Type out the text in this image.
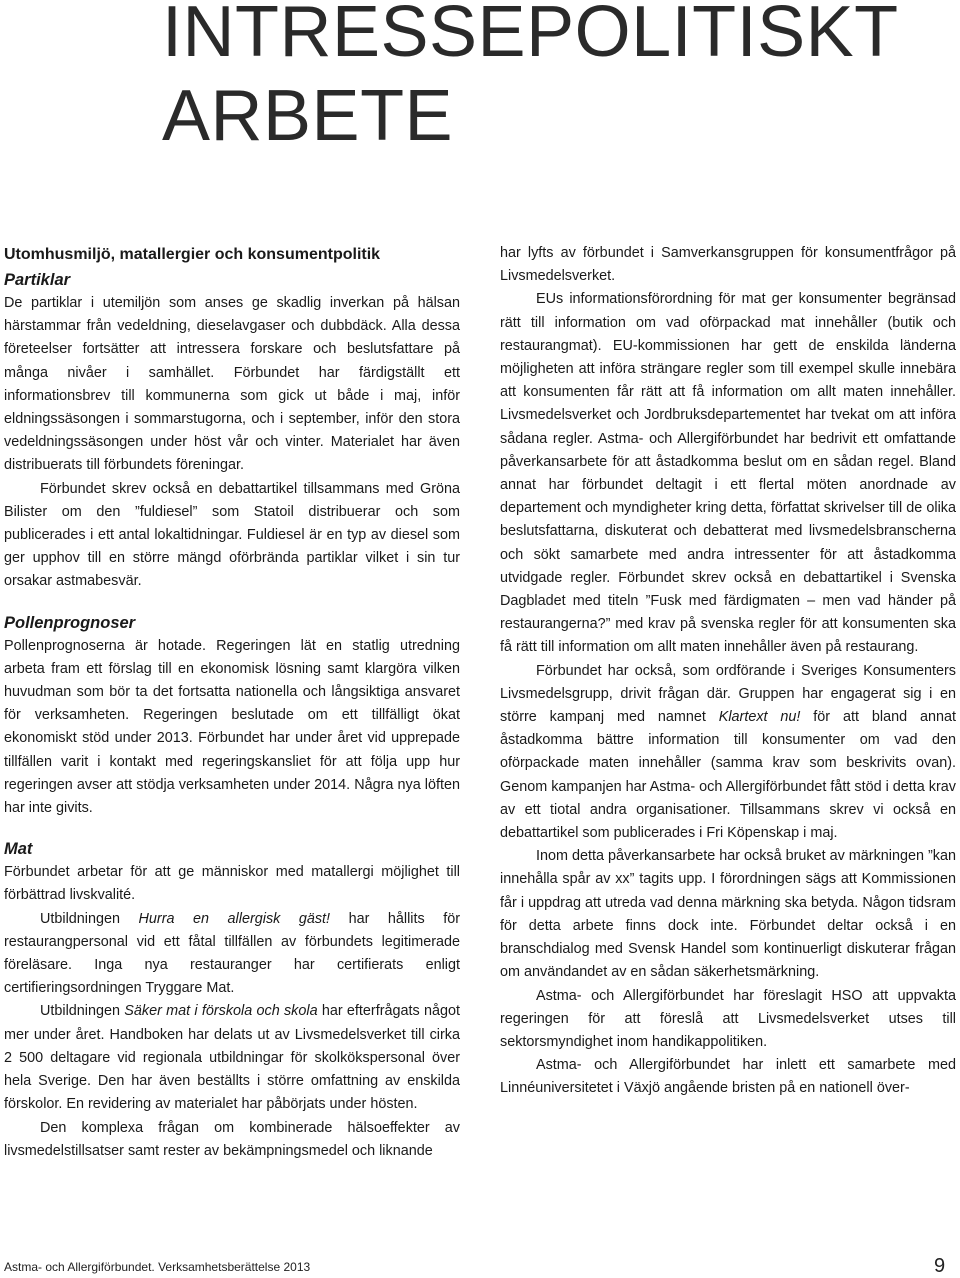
INTRESSEPOLITISKT
ARBETE
Utomhusmiljö, matallergier och konsumentpolitik
Partiklar

De partiklar i utemiljön som anses ge skadlig inverkan på hälsan härstammar från vedeldning, dieselavgaser och dubbdäck. Alla dessa företeelser fortsätter att intressera forskare och beslutsfattare på många nivåer i samhället. Förbundet har färdigställt ett informationsbrev till kommunerna som gick ut både i maj, inför eldningssäsongen i sommarstugorna, och i september, inför den stora vedeldningssäsongen under höst vår och vinter. Materialet har även distribuerats till förbundets föreningar.

Förbundet skrev också en debattartikel tillsammans med Gröna Bilister om den ”fuldiesel” som Statoil distribuerar och som publicerades i ett antal lokaltidningar. Fuldiesel är en typ av diesel som ger upphov till en större mängd oförbrända partiklar vilket i sin tur orsakar astmabesvär.

Pollenprognoser

Pollenprognoserna är hotade. Regeringen lät en statlig utredning arbeta fram ett förslag till en ekonomisk lösning samt klargöra vilken huvudman som bör ta det fortsatta nationella och långsiktiga ansvaret för verksamheten. Regeringen beslutade om ett tillfälligt ökat ekonomiskt stöd under 2013. Förbundet har under året vid upprepade tillfällen varit i kontakt med regeringskansliet för att följa upp hur regeringen avser att stödja verksamheten under 2014. Några nya löften har inte givits.

Mat

Förbundet arbetar för att ge människor med matallergi möjlighet till förbättrad livskvalité.

Utbildningen Hurra en allergisk gäst! har hållits för restaurangpersonal vid ett fåtal tillfällen av förbundets legitimerade föreläsare. Inga nya restauranger har certifierats enligt certifieringsordningen Tryggare Mat.

Utbildningen Säker mat i förskola och skola har efterfrågats något mer under året. Handboken har delats ut av Livsmedelsverket till cirka 2 500 deltagare vid regionala utbildningar för skolkökspersonal över hela Sverige. Den har även beställts i större omfattning av enskilda förskolor. En revidering av materialet har påbörjats under hösten.

Den komplexa frågan om kombinerade hälsoeffekter av livsmedelstillsatser samt rester av bekämpningsmedel och liknande

har lyfts av förbundet i Samverkansgruppen för konsumentfrågor på Livsmedelsverket.

EUs informationsförordning för mat ger konsumenter begränsad rätt till information om vad oförpackad mat innehåller (butik och restaurangmat). EU-kommissionen har gett de enskilda länderna möjligheten att införa strängare regler som till exempel skulle innebära att konsumenten får rätt att få information om allt maten innehåller. Livsmedelsverket och Jordbruksdepartementet har tvekat om att införa sådana regler. Astma- och Allergiförbundet har bedrivit ett omfattande påverkansarbete för att åstadkomma beslut om en sådan regel. Bland annat har förbundet deltagit i ett flertal möten anordnade av departement och myndigheter kring detta, författat skrivelser till de olika beslutsfattarna, diskuterat och debatterat med livsmedelsbranscherna och sökt samarbete med andra intressenter för att åstadkomma utvidgade regler. Förbundet skrev också en debattartikel i Svenska Dagbladet med titeln ”Fusk med färdigmaten – men vad händer på restaurangerna?” med krav på svenska regler för att konsumenten ska få rätt till information om allt maten innehåller även på restaurang.

Förbundet har också, som ordförande i Sveriges Konsumenters Livsmedelsgrupp, drivit frågan där. Gruppen har engagerat sig i en större kampanj med namnet Klartext nu! för att bland annat åstadkomma bättre information till konsumenter om vad den oförpackade maten innehåller (samma krav som beskrivits ovan). Genom kampanjen har Astma- och Allergiförbundet fått stöd i detta krav av ett tiotal andra organisationer. Tillsammans skrev vi också en debattartikel som publicerades i Fri Köpenskap i maj.

Inom detta påverkansarbete har också bruket av märkningen ”kan innehålla spår av xx” tagits upp. I förordningen sägs att Kommissionen får i uppdrag att utreda vad denna märkning ska betyda. Någon tidsram för detta arbete finns dock inte. Förbundet deltar också i en branschdialog med Svensk Handel som kontinuerligt diskuterar frågan om användandet av en sådan säkerhetsmärkning.

Astma- och Allergiförbundet har föreslagit HSO att uppvakta regeringen för att föreslå att Livsmedelsverket utses till sektorsmyndighet inom handikappolitiken.

Astma- och Allergiförbundet har inlett ett samarbete med Linnéuniversitetet i Växjö angående bristen på en nationell över-

Astma- och Allergiförbundet. Verksamhetsberättelse 2013	9
